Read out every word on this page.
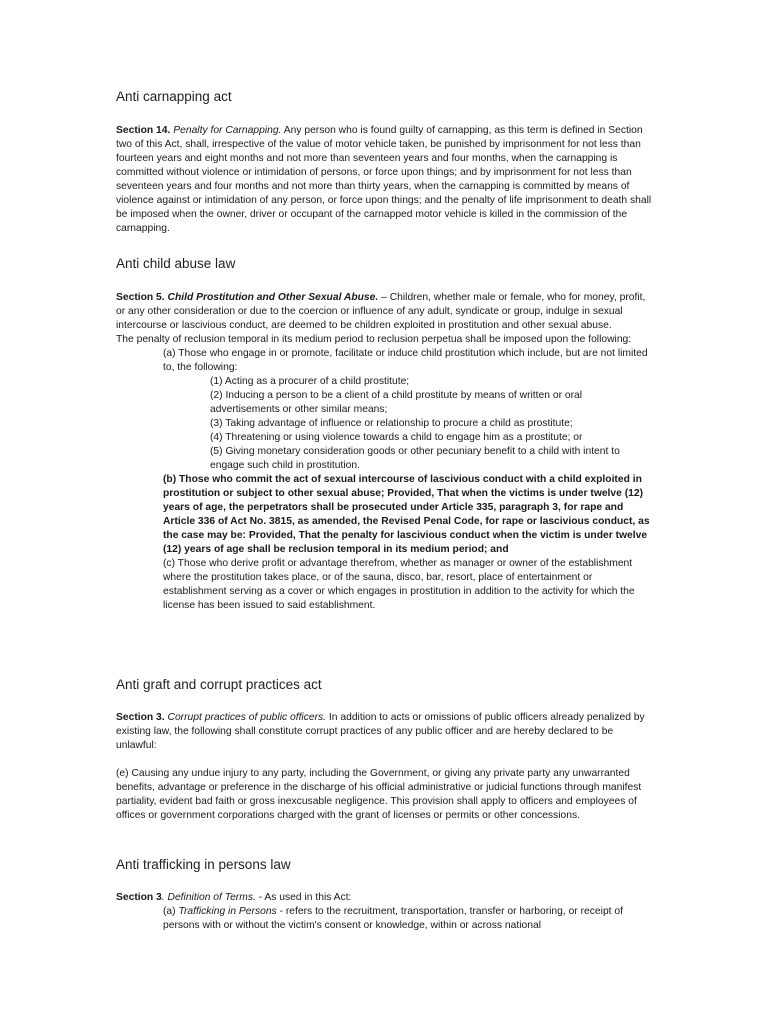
Anti carnapping act

Section 14. Penalty for Carnapping. Any person who is found guilty of carnapping, as this term is defined in Section two of this Act, shall, irrespective of the value of motor vehicle taken, be punished by imprisonment for not less than fourteen years and eight months and not more than seventeen years and four months, when the carnapping is committed without violence or intimidation of persons, or force upon things; and by imprisonment for not less than seventeen years and four months and not more than thirty years, when the carnapping is committed by means of violence against or intimidation of any person, or force upon things; and the penalty of life imprisonment to death shall be imposed when the owner, driver or occupant of the carnapped motor vehicle is killed in the commission of the carnapping.

Anti child abuse law

Section 5. Child Prostitution and Other Sexual Abuse. – Children, whether male or female, who for money, profit, or any other consideration or due to the coercion or influence of any adult, syndicate or group, indulge in sexual intercourse or lascivious conduct, are deemed to be children exploited in prostitution and other sexual abuse.

The penalty of reclusion temporal in its medium period to reclusion perpetua shall be imposed upon the following:

(a) Those who engage in or promote, facilitate or induce child prostitution which include, but are not limited to, the following:

(1) Acting as a procurer of a child prostitute;

(2) Inducing a person to be a client of a child prostitute by means of written or oral advertisements or other similar means;

(3) Taking advantage of influence or relationship to procure a child as prostitute;

(4) Threatening or using violence towards a child to engage him as a prostitute; or

(5) Giving monetary consideration goods or other pecuniary benefit to a child with intent to engage such child in prostitution.

(b) Those who commit the act of sexual intercourse of lascivious conduct with a child exploited in prostitution or subject to other sexual abuse; Provided, That when the victims is under twelve (12) years of age, the perpetrators shall be prosecuted under Article 335, paragraph 3, for rape and Article 336 of Act No. 3815, as amended, the Revised Penal Code, for rape or lascivious conduct, as the case may be: Provided, That the penalty for lascivious conduct when the victim is under twelve (12) years of age shall be reclusion temporal in its medium period; and

(c) Those who derive profit or advantage therefrom, whether as manager or owner of the establishment where the prostitution takes place, or of the sauna, disco, bar, resort, place of entertainment or establishment serving as a cover or which engages in prostitution in addition to the activity for which the license has been issued to said establishment.

Anti graft and corrupt practices act

Section 3. Corrupt practices of public officers. In addition to acts or omissions of public officers already penalized by existing law, the following shall constitute corrupt practices of any public officer and are hereby declared to be unlawful:

(e) Causing any undue injury to any party, including the Government, or giving any private party any unwarranted benefits, advantage or preference in the discharge of his official administrative or judicial functions through manifest partiality, evident bad faith or gross inexcusable negligence. This provision shall apply to officers and employees of offices or government corporations charged with the grant of licenses or permits or other concessions.

Anti trafficking in persons law

Section 3. Definition of Terms. - As used in this Act:

(a) Trafficking in Persons - refers to the recruitment, transportation, transfer or harboring, or receipt of persons with or without the victim's consent or knowledge, within or across national
